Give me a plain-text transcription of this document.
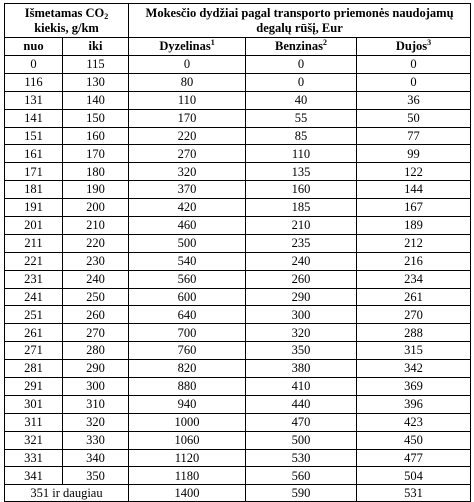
Išmetamas $CO_2$
kiekis, g/km		Mokesčio dydžiai pagal transporto priemonės naudojamų degalų rūšį, Eur		
nuo	iki	Dyzelinas$^1$	Benzinas$^2$	Dujos$^3$
0	115	0	0	0
116	130	80	0	0
131	140	110	40	36
141	150	170	55	50
151	160	220	85	77
161	170	270	110	99
171	180	320	135	122
181	190	370	160	144
191	200	420	185	167
201	210	460	210	189
211	220	500	235	212
221	230	540	240	216
231	240	560	260	234
241	250	600	290	261
251	260	640	300	270
261	270	700	320	288
271	280	760	350	315
281	290	820	380	342
291	300	880	410	369
301	310	940	440	396
311	320	1000	470	423
321	330	1060	500	450
331	340	1120	530	477
341	350	1180	560	504
351 ir daugiau		1400	590	531
